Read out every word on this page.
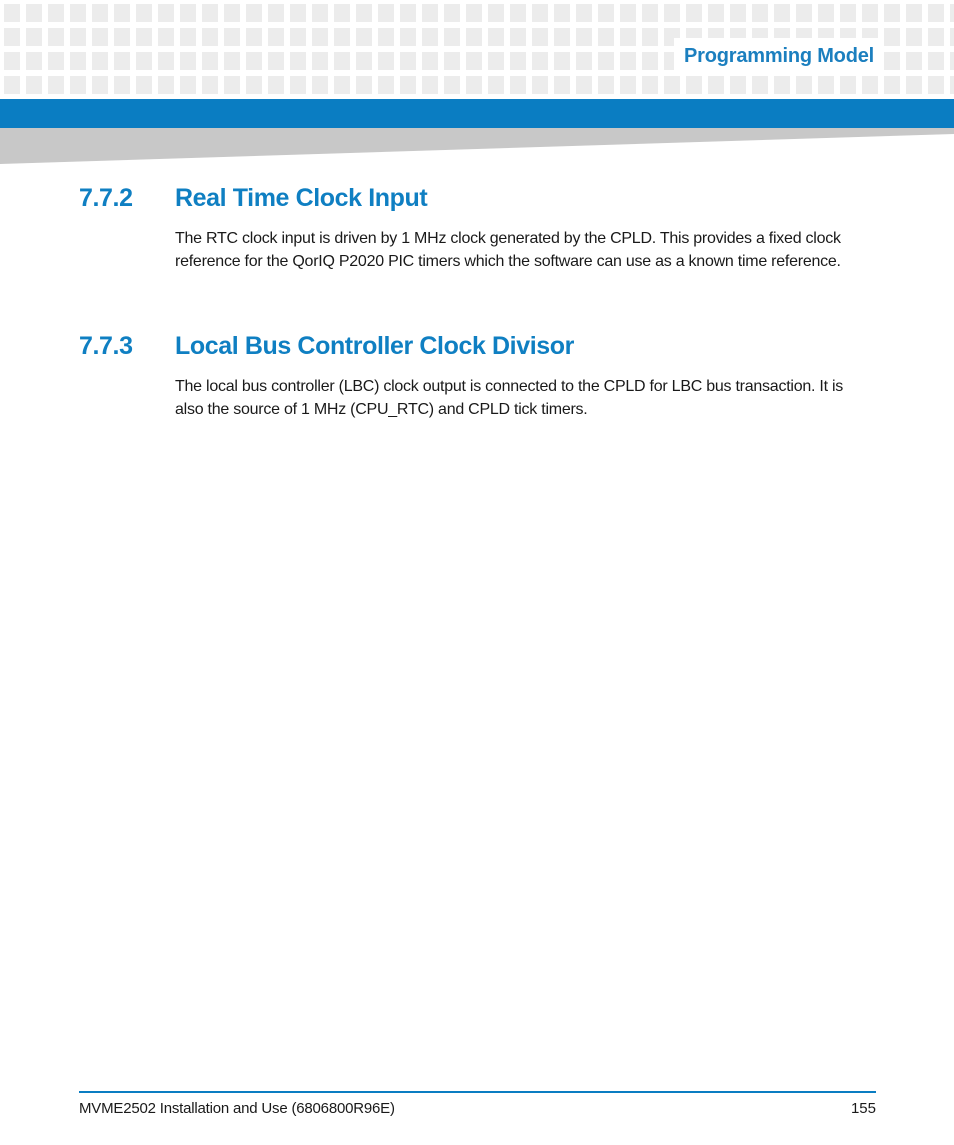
Programming Model
7.7.2	Real Time Clock Input
The RTC clock input is driven by 1 MHz clock generated by the CPLD. This provides a fixed clock reference for the QorIQ P2020 PIC timers which the software can use as a known time reference.
7.7.3	Local Bus Controller Clock Divisor
The local bus controller (LBC) clock output is connected to the CPLD for LBC bus transaction. It is also the source of 1 MHz (CPU_RTC) and CPLD tick timers.
MVME2502 Installation and Use (6806800R96E)	155
